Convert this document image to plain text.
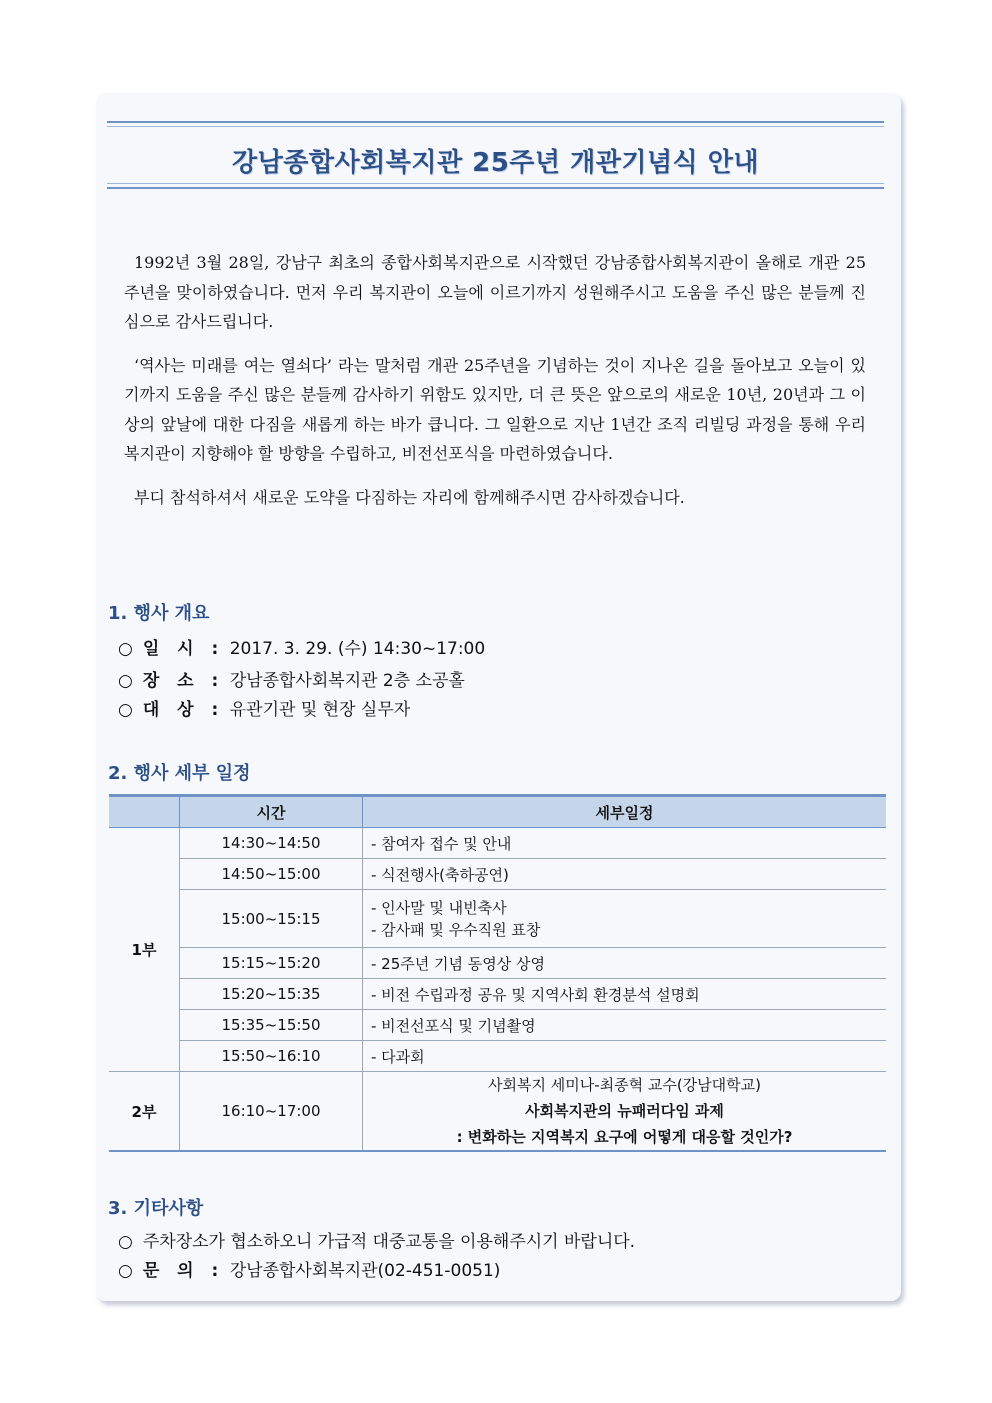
강남종합사회복지관 25주년 개관기념식 안내

1992년 3월 28일, 강남구 최초의 종합사회복지관으로 시작했던 강남종합사회복지관이 올해로 개관 25주년을 맞이하였습니다. 먼저 우리 복지관이 오늘에 이르기까지 성원해주시고 도움을 주신 많은 분들께 진심으로 감사드립니다.

‘역사는 미래를 여는 열쇠다’ 라는 말처럼 개관 25주년을 기념하는 것이 지나온 길을 돌아보고 오늘이 있기까지 도움을 주신 많은 분들께 감사하기 위함도 있지만, 더 큰 뜻은 앞으로의 새로운 10년, 20년과 그 이상의 앞날에 대한 다짐을 새롭게 하는 바가 큽니다. 그 일환으로 지난 1년간 조직 리빌딩 과정을 통해 우리 복지관이 지향해야 할 방향을 수립하고, 비전선포식을 마련하였습니다.

부디 참석하셔서 새로운 도약을 다짐하는 자리에 함께해주시면 감사하겠습니다.

1. 행사 개요
○ 일 시 : 2017. 3. 29. (수) 14:30~17:00
○ 장 소 : 강남종합사회복지관 2층 소공홀
○ 대 상 : 유관기관 및 현장 실무자
2. 행사 세부 일정
	시간	세부일정
1부	14:30~14:50	- 참여자 접수 및 안내
	14:50~15:00	- 식전행사(축하공연)
	15:00~15:15	- 인사말 및 내빈축사
- 감사패 및 우수직원 표창

	15:15~15:20	- 25주년 기념 동영상 상영
	15:20~15:35	- 비전 수립과정 공유 및 지역사회 환경분석 설명회
	15:35~15:50	- 비전선포식 및 기념촬영
	15:50~16:10	- 다과회
2부	16:10~17:00	사회복지 세미나-최종혁 교수(강남대학교)
사회복지관의 뉴패러다임 과제
: 변화하는 지역복지 요구에 어떻게 대응할 것인가?
3. 기타사항
○ 주차장소가 협소하오니 가급적 대중교통을 이용해주시기 바랍니다.
○ 문 의 : 강남종합사회복지관(02-451-0051)
